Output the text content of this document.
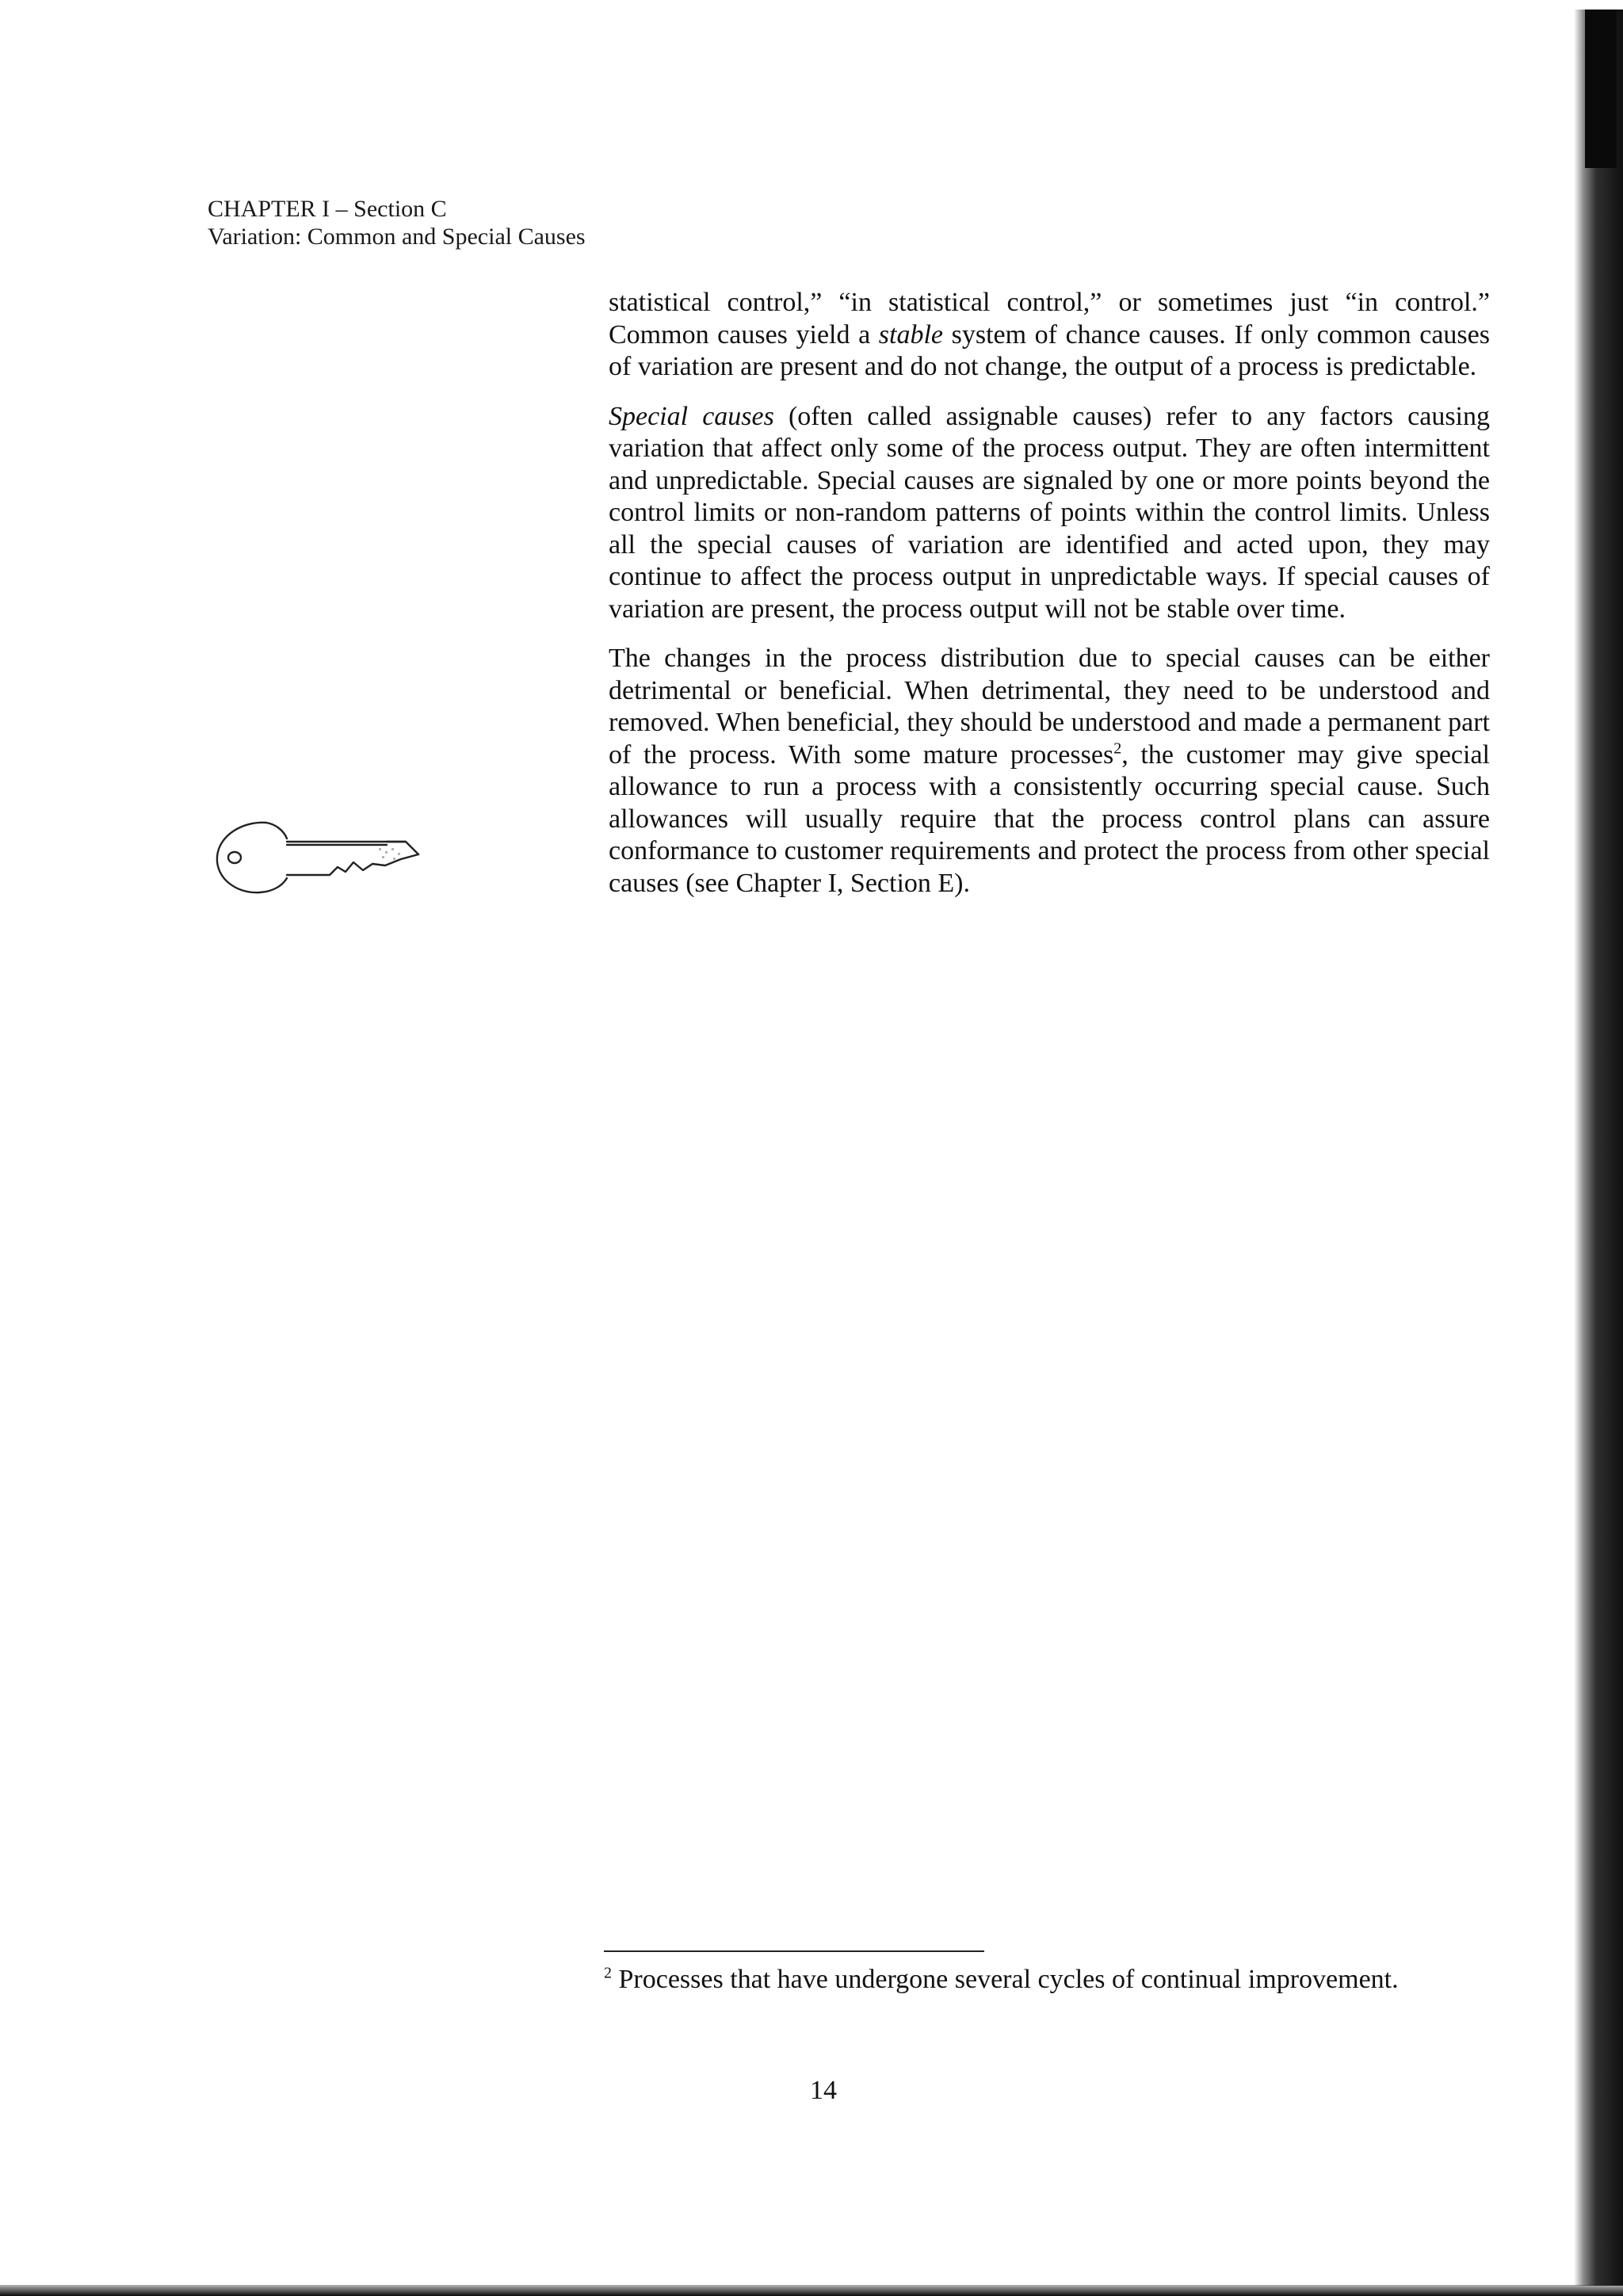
CHAPTER I – Section C
Variation: Common and Special Causes

statistical control,” “in statistical control,” or sometimes just “in control.” Common causes yield a stable system of chance causes. If only common causes of variation are present and do not change, the output of a process is predictable.

Special causes (often called assignable causes) refer to any factors causing variation that affect only some of the process output. They are often intermittent and unpredictable. Special causes are signaled by one or more points beyond the control limits or non-random patterns of points within the control limits. Unless all the special causes of variation are identified and acted upon, they may continue to affect the process output in unpredictable ways. If special causes of variation are present, the process output will not be stable over time.

The changes in the process distribution due to special causes can be either detrimental or beneficial. When detrimental, they need to be understood and removed. When beneficial, they should be understood and made a permanent part of the process. With some mature processes$^2$, the customer may give special allowance to run a process with a consistently occurring special cause. Such allowances will usually require that the process control plans can assure conformance to customer requirements and protect the process from other special causes (see Chapter I, Section E).

$^2$ Processes that have undergone several cycles of continual improvement.
14
